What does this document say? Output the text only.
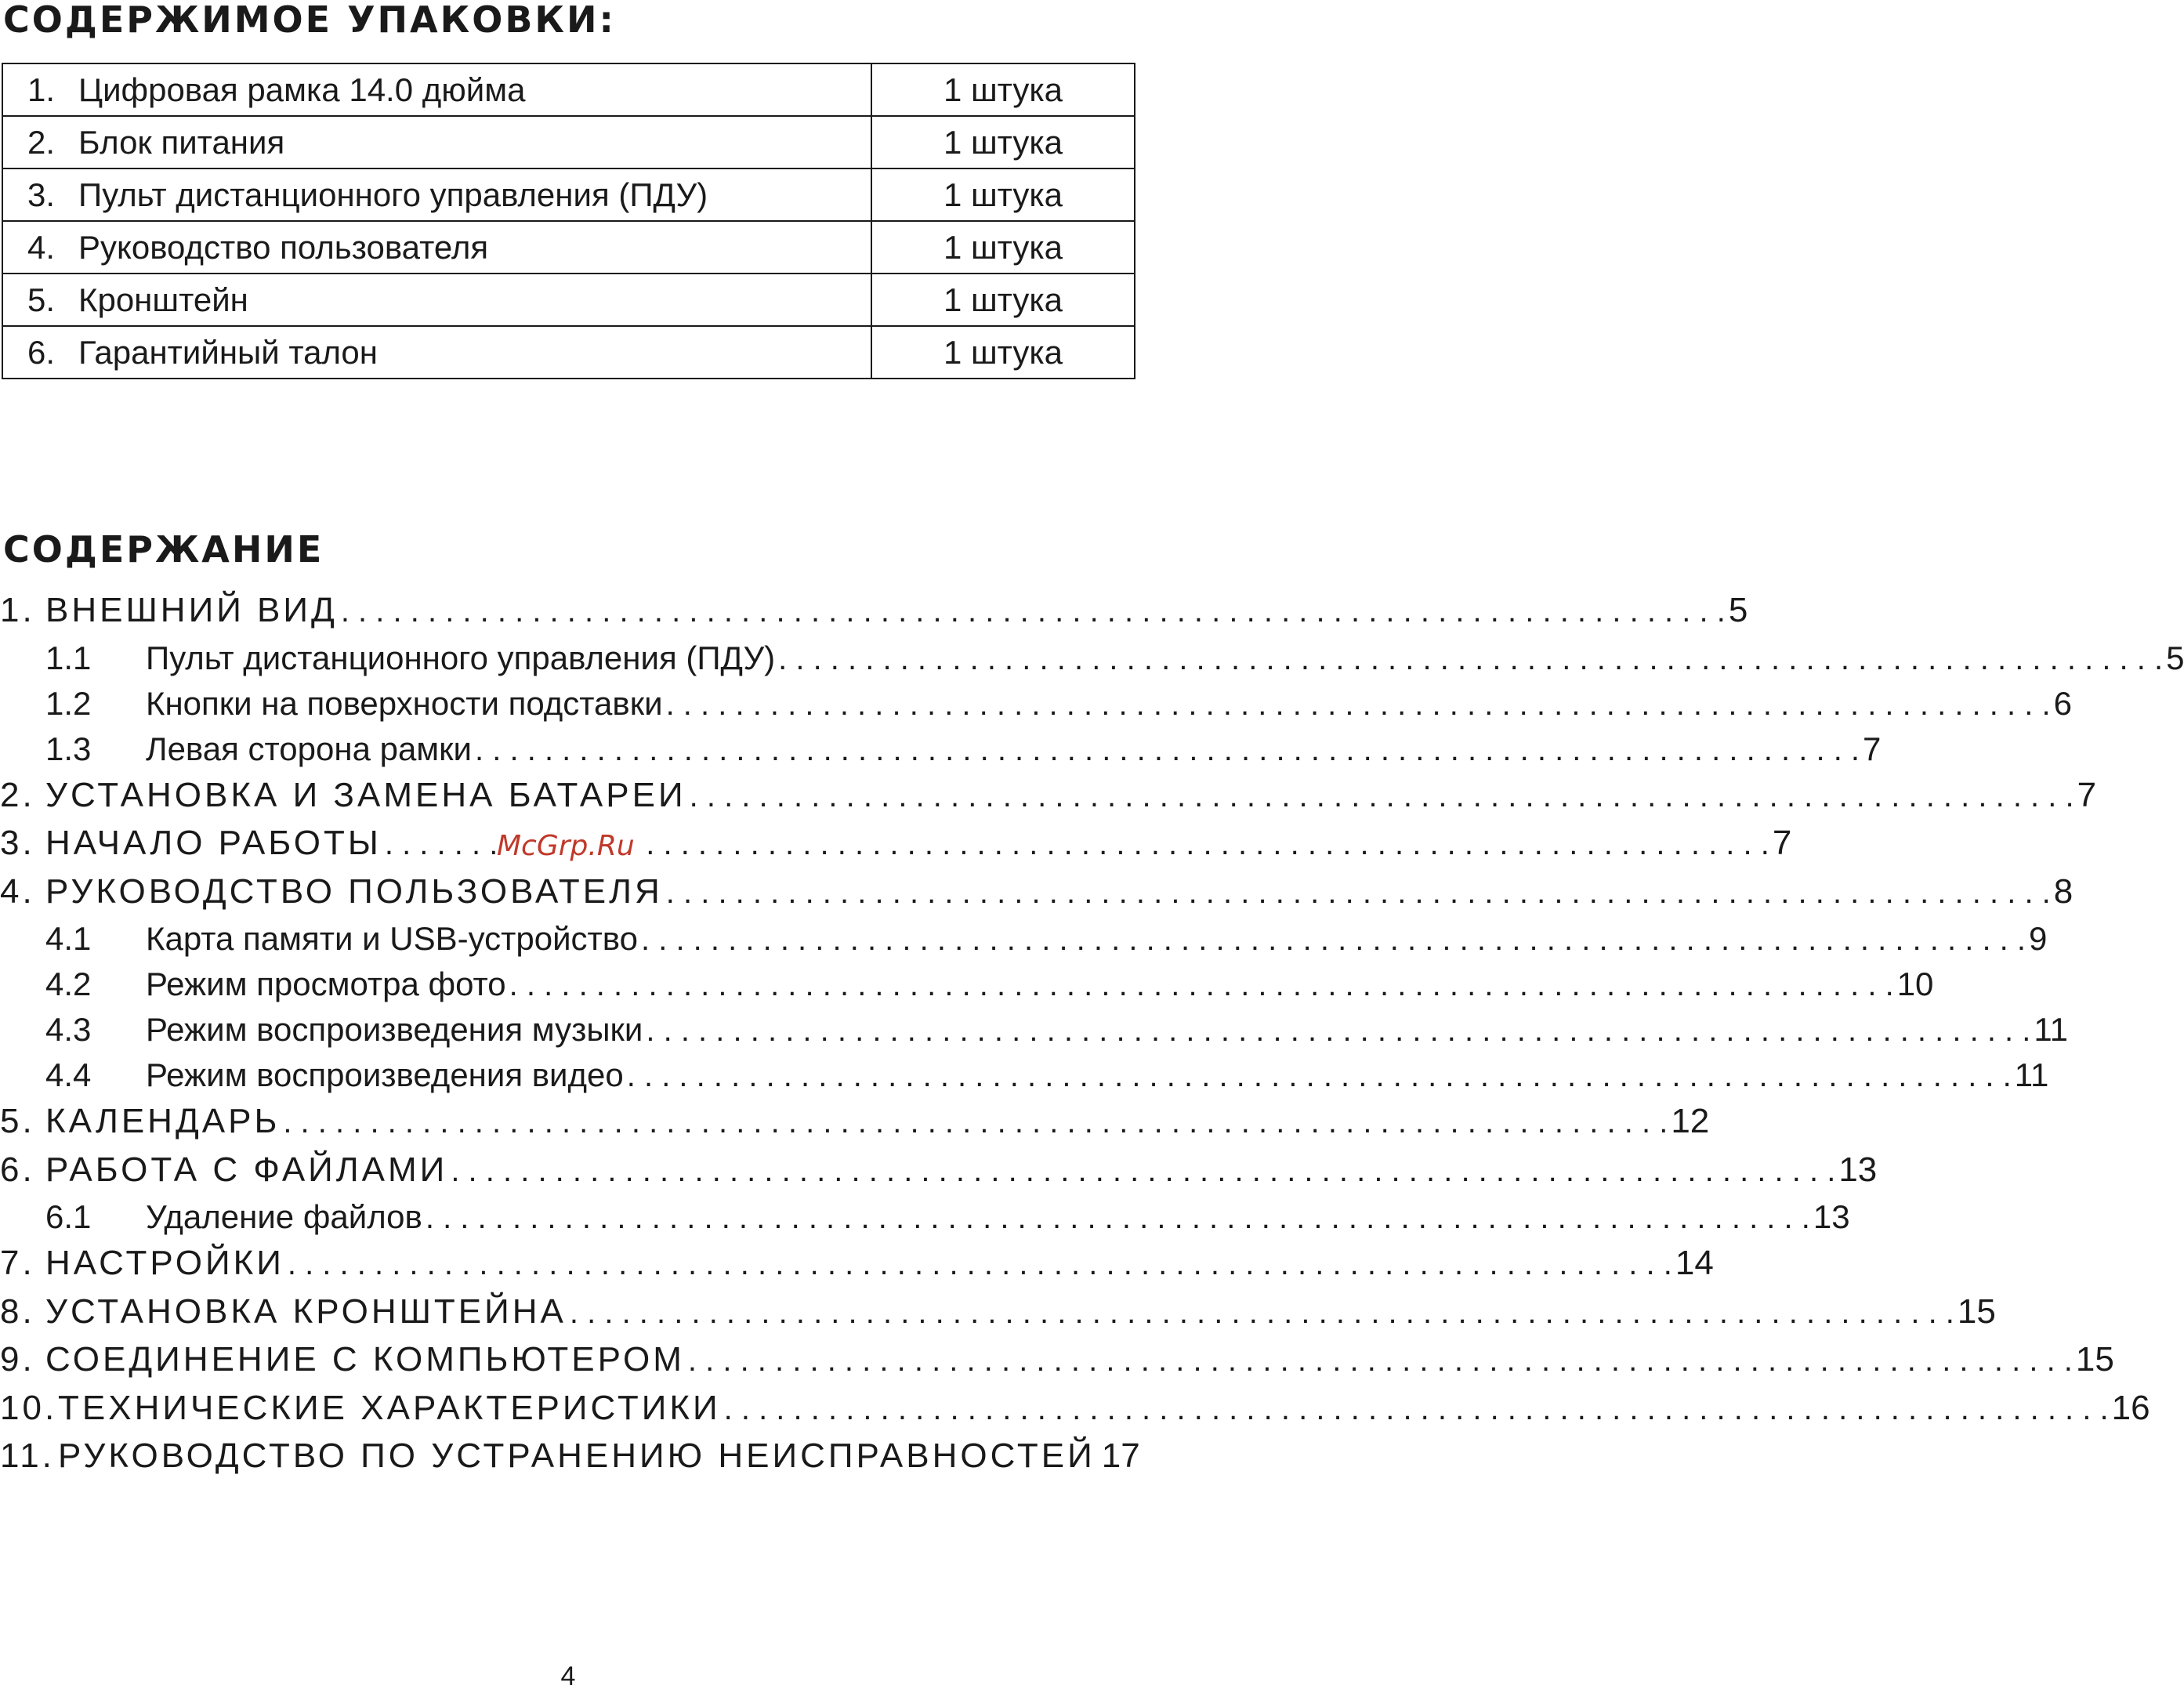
СОДЕРЖИМОЕ УПАКОВКИ:
1. Цифровая рамка 14.0 дюйма	1 штука
2. Блок питания	1 штука
3. Пульт дистанционного управления (ПДУ)	1 штука
4. Руководство пользователя	1 штука
5. Кронштейн	1 штука
6. Гарантийный талон	1 штука
СОДЕРЖАНИЕ
1. ВНЕШНИЙ ВИД . . .	5
1.1	Пульт дистанционного управления (ПДУ) . . .	5
1.2	Кнопки на поверхности подставки . . .	6
1.3	Левая сторона рамки . . .	7
2. УСТАНОВКА И ЗАМЕНА БАТАРЕИ . . .	7
3. НАЧАЛО РАБОТЫ . . .	7
4. РУКОВОДСТВО ПОЛЬЗОВАТЕЛЯ . . .	8
4.1	Карта памяти и USB-устройство . . .	9
4.2	Режим просмотра фото . . .	10
4.3	Режим воспроизведения музыки . . .	11
4.4	Режим воспроизведения видео . . .	11
5. КАЛЕНДАРЬ . . .	12
6. РАБОТА С ФАЙЛАМИ . . .	13
6.1	Удаление файлов . . .	13
7. НАСТРОЙКИ . . .	14
8. УСТАНОВКА КРОНШТЕЙНА . . .	15
9. СОЕДИНЕНИЕ С КОМПЬЮТЕРОМ . . .	15
10. ТЕХНИЧЕСКИЕ ХАРАКТЕРИСТИКИ . . .	16
11. РУКОВОДСТВО ПО УСТРАНЕНИЮ НЕИСПРАВНОСТЕЙ 17
McGrp.Ru
4
